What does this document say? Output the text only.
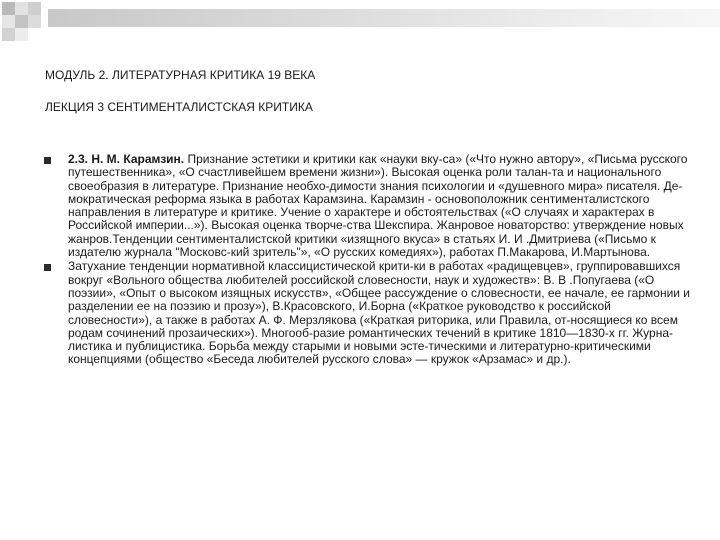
МОДУЛЬ 2. ЛИТЕРАТУРНАЯ КРИТИКА 19 ВЕКА
ЛЕКЦИЯ 3 СЕНТИМЕНТАЛИСТСКАЯ КРИТИКА

2.3. Н. М. Карамзин. Признание эстетики и критики как «науки вку-са» («Что нужно автору», «Письма русского путешественника», «О счастливейшем времени жизни»). Высокая оценка роли талан-та и национального своеобразия в литературе. Признание необхо-димости знания психологии и «душевного мира» писателя. Де-мократическая реформа языка в работах Карамзина. Карамзин - основоположник сентименталистского направления в литературе и критике. Учение о характере и обстоятельствах («О случаях и характерах в Российской империи...»). Высокая оценка творче-ства Шекспира. Жанровое новаторство: утверждение новых жанров.Тенденции сентименталистской критики «изящного вкуса» в статьях И. И .Дмитриева («Письмо к издателю журнала "Московс-кий зритель"», «О русских комедиях»), работах П.Макарова, И.Мартынова.

Затухание тенденции нормативной классицистической крити-ки в работах «радищевцев», группировавшихся вокруг «Вольного общества любителей российской словесности, наук и художеств»: В. В .Попугаева («О поэзии», «Опыт о высоком изящных искусств», «Общее рассуждение о словесности, ее начале, ее гармонии и разделении ее на поэзию и прозу»), В.Красовского, И.Борна («Краткое руководство к российской словесности»), а также в работах А. Ф. Мерзлякова («Краткая риторика, или Правила, от-носящиеся ко всем родам сочинений прозаических»). Многооб-разие романтических течений в критике 1810—1830-х гг. Журна-листика и публицистика. Борьба между старыми и новыми эсте-тическими и литературно-критическими концепциями (общество «Беседа любителей русского слова» — кружок «Арзамас» и др.).
